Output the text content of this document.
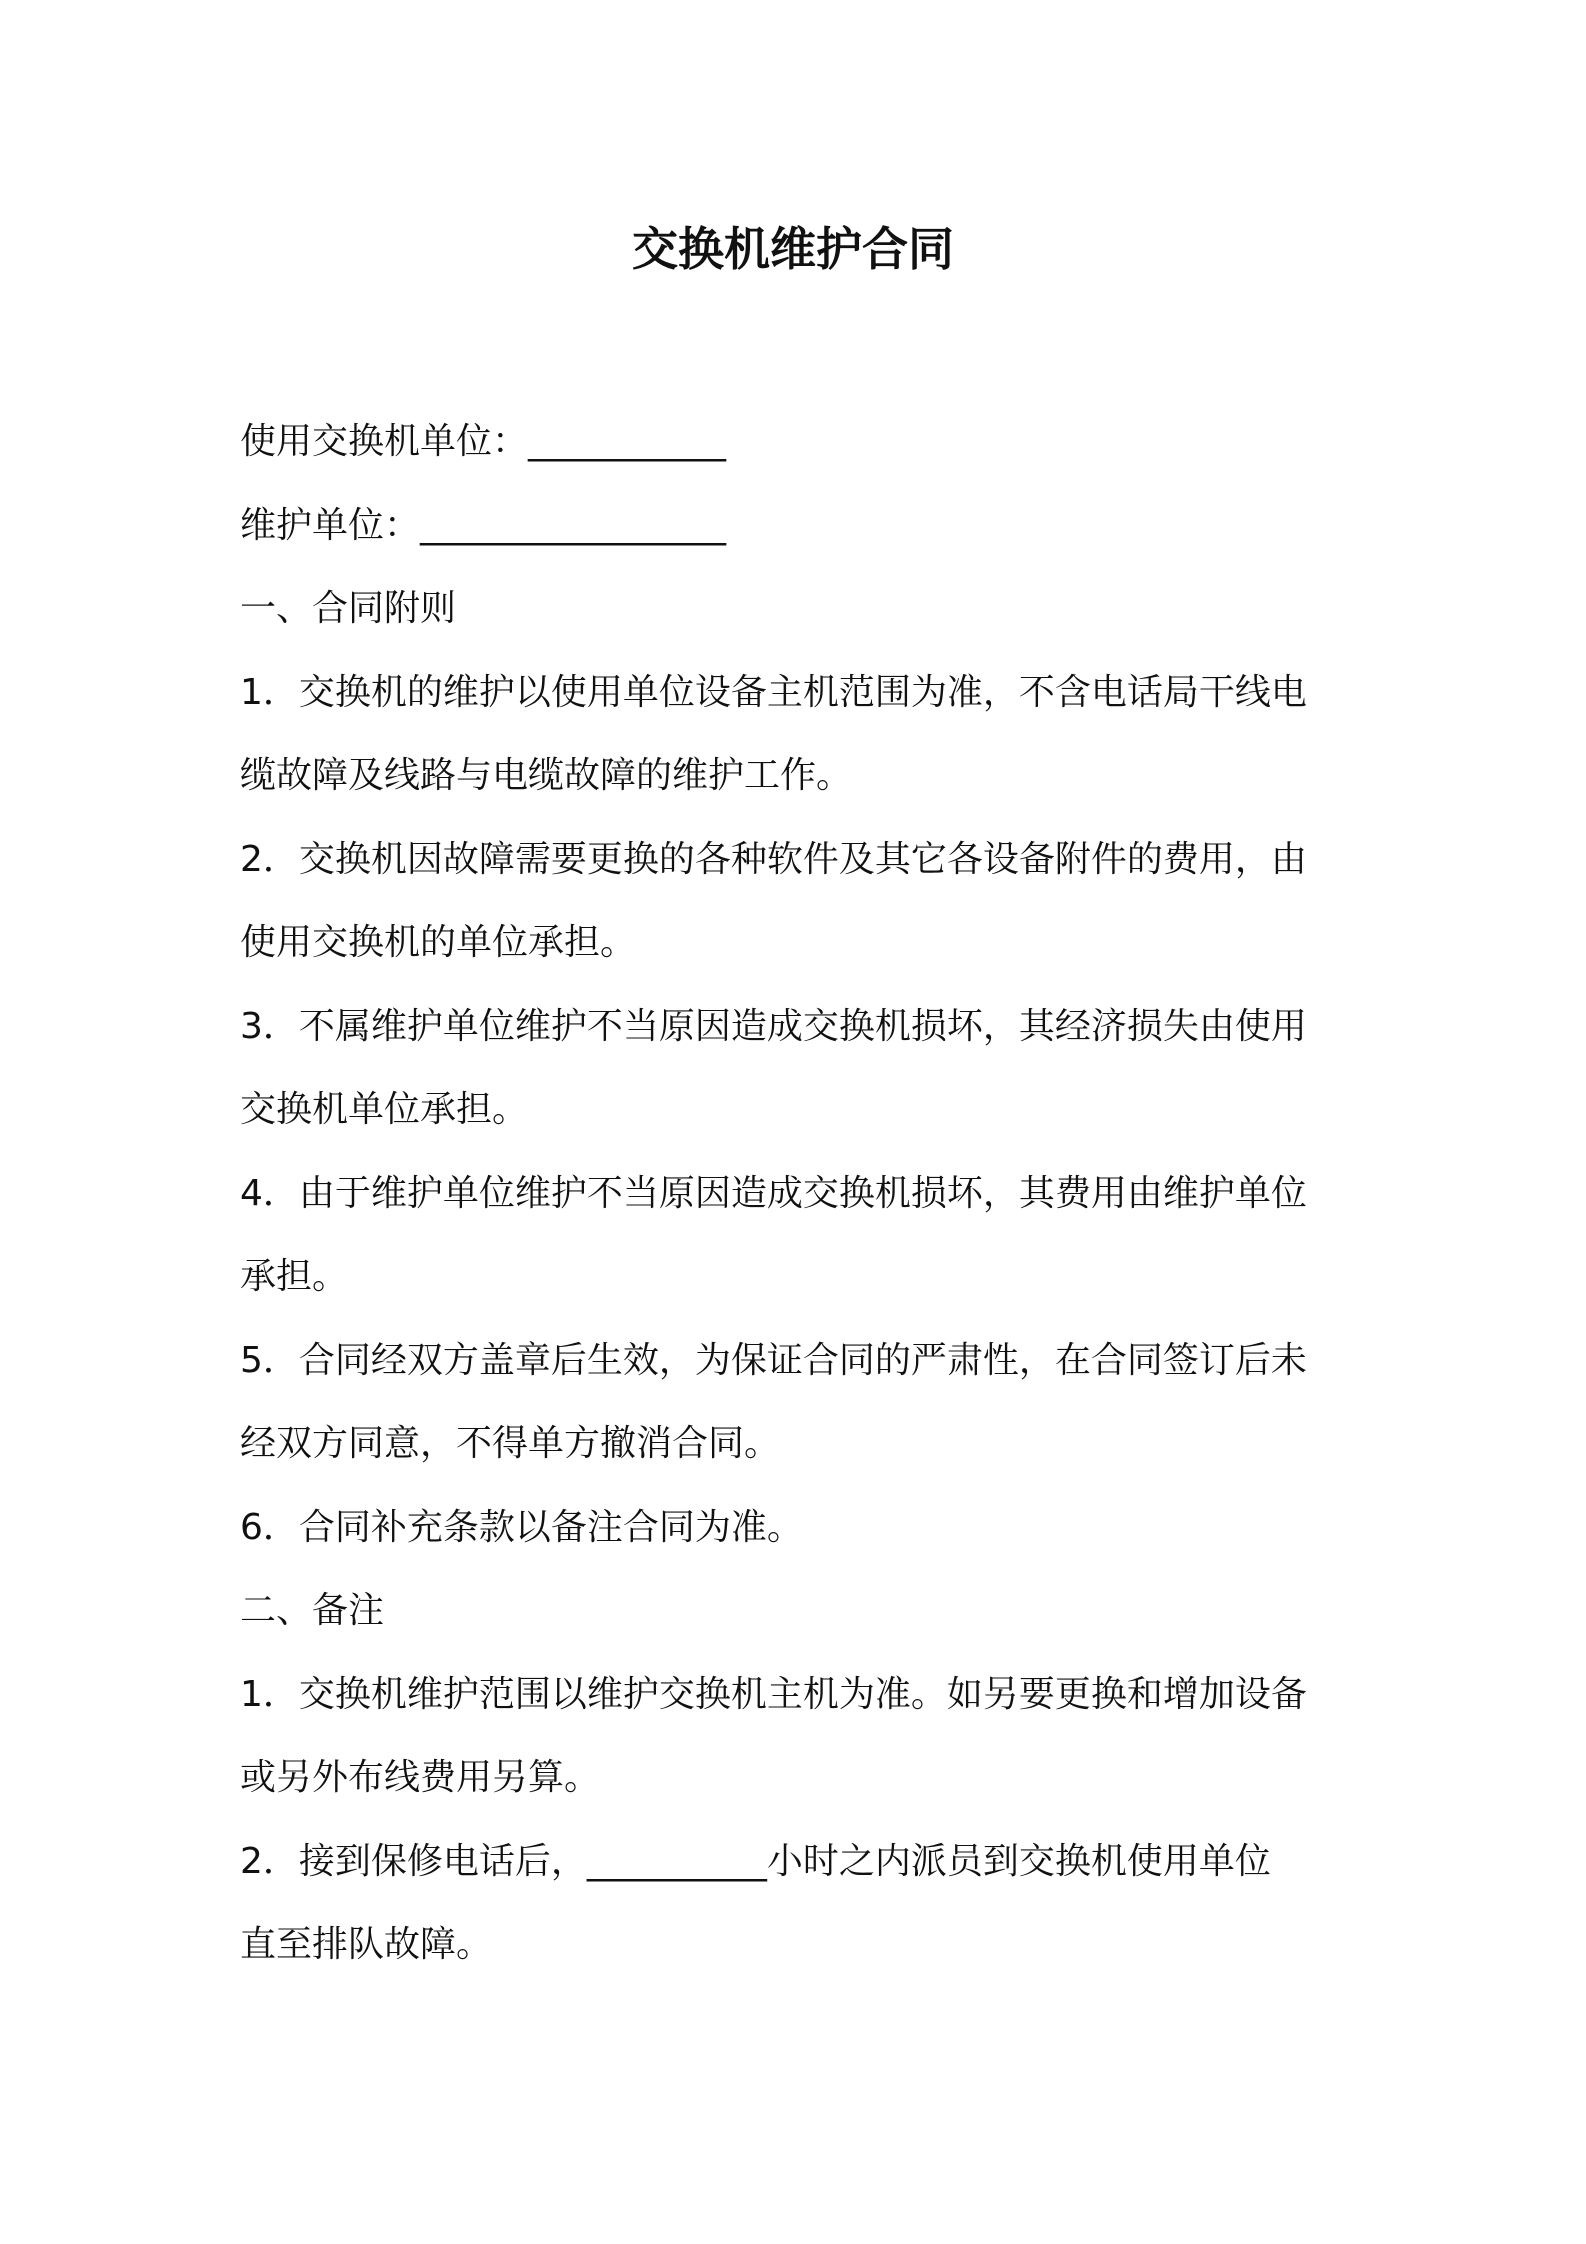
交换机维护合同

使用交换机单位：___________

维护单位：_________________

一、合同附则

1．交换机的维护以使用单位设备主机范围为准，不含电话局干线电

缆故障及线路与电缆故障的维护工作。

2．交换机因故障需要更换的各种软件及其它各设备附件的费用，由

使用交换机的单位承担。

3．不属维护单位维护不当原因造成交换机损坏，其经济损失由使用

交换机单位承担。

4．由于维护单位维护不当原因造成交换机损坏，其费用由维护单位

承担。

5．合同经双方盖章后生效，为保证合同的严肃性，在合同签订后未

经双方同意，不得单方撤消合同。

6．合同补充条款以备注合同为准。

二、备注

1．交换机维护范围以维护交换机主机为准。如另要更换和增加设备

或另外布线费用另算。

2．接到保修电话后，__________小时之内派员到交换机使用单位

直至排队故障。
